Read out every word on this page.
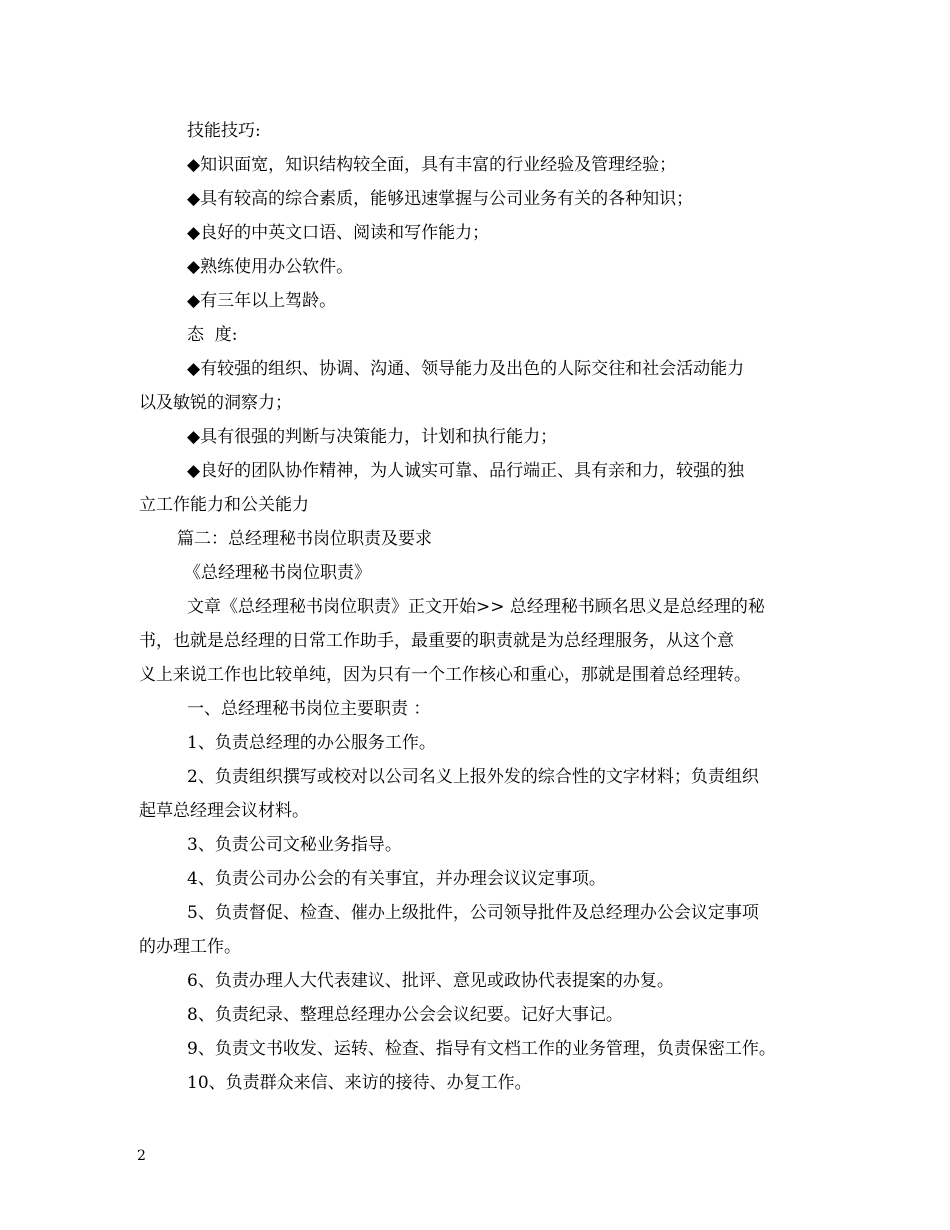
技能技巧:
◆知识面宽，知识结构较全面，具有丰富的行业经验及管理经验；
◆具有较高的综合素质，能够迅速掌握与公司业务有关的各种知识；
◆良好的中英文口语、阅读和写作能力；
◆熟练使用办公软件。
◆有三年以上驾龄。
态  度:
◆有较强的组织、协调、沟通、领导能力及出色的人际交往和社会活动能力
以及敏锐的洞察力；
◆具有很强的判断与决策能力，计划和执行能力；
◆良好的团队协作精神，为人诚实可靠、品行端正、具有亲和力，较强的独
立工作能力和公关能力
篇二：总经理秘书岗位职责及要求
《总经理秘书岗位职责》
文章《总经理秘书岗位职责》正文开始>> 总经理秘书顾名思义是总经理的秘
书，也就是总经理的日常工作助手，最重要的职责就是为总经理服务，从这个意
义上来说工作也比较单纯，因为只有一个工作核心和重心，那就是围着总经理转。
一、总经理秘书岗位主要职责 ：
1、负责总经理的办公服务工作。
2、负责组织撰写或校对以公司名义上报外发的综合性的文字材料；负责组织
起草总经理会议材料。
3、负责公司文秘业务指导。
4、负责公司办公会的有关事宜，并办理会议议定事项。
5、负责督促、检查、催办上级批件，公司领导批件及总经理办公会议定事项
的办理工作。
6、负责办理人大代表建议、批评、意见或政协代表提案的办复。
8、负责纪录、整理总经理办公会会议纪要。记好大事记。
9、负责文书收发、运转、检查、指导有文档工作的业务管理，负责保密工作。
10、负责群众来信、来访的接待、办复工作。
2
